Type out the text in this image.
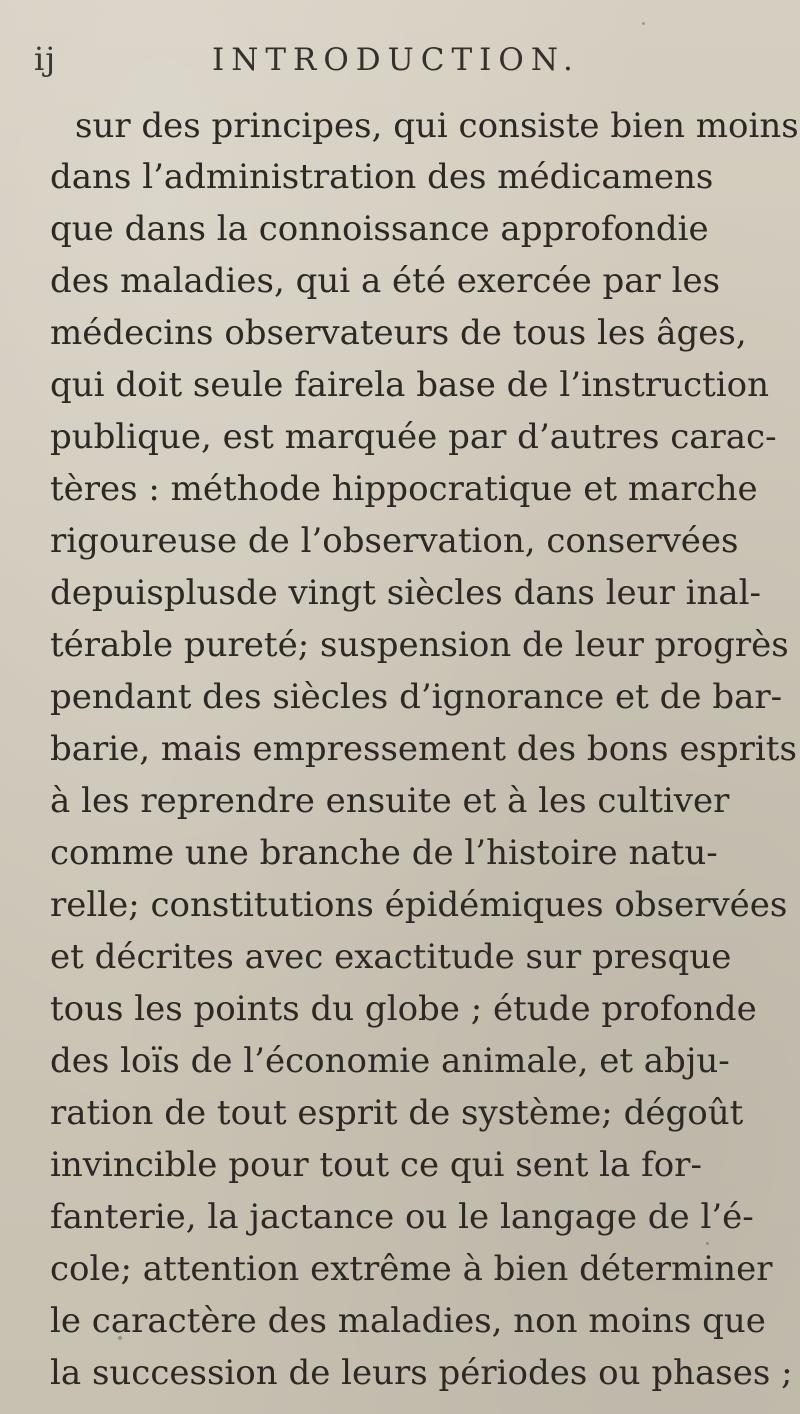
ij	INTRODUCTION.
sur des principes, qui consiste bien moins
dans l’administration des médicamens
que dans la connoissance approfondie
des maladies, qui a été exercée par les
médecins observateurs de tous les âges,
qui doit seule fairela base de l’instruction
publique, est marquée par d’autres carac-
tères : méthode hippocratique et marche
rigoureuse de l’observation, conservées
depuisplusde vingt siècles dans leur inal-
térable pureté; suspension de leur progrès
pendant des siècles d’ignorance et de bar-
barie, mais empressement des bons esprits
à les reprendre ensuite et à les cultiver
comme une branche de l’histoire natu-
relle; constitutions épidémiques observées
et décrites avec exactitude sur presque
tous les points du globe ; étude profonde
des loïs de l’économie animale, et abju-
ration de tout esprit de système; dégoût
invincible pour tout ce qui sent la for-
fanterie, la jactance ou le langage de l’é-
cole; attention extrême à bien déterminer
le caractère des maladies, non moins que
la succession de leurs périodes ou phases ;
